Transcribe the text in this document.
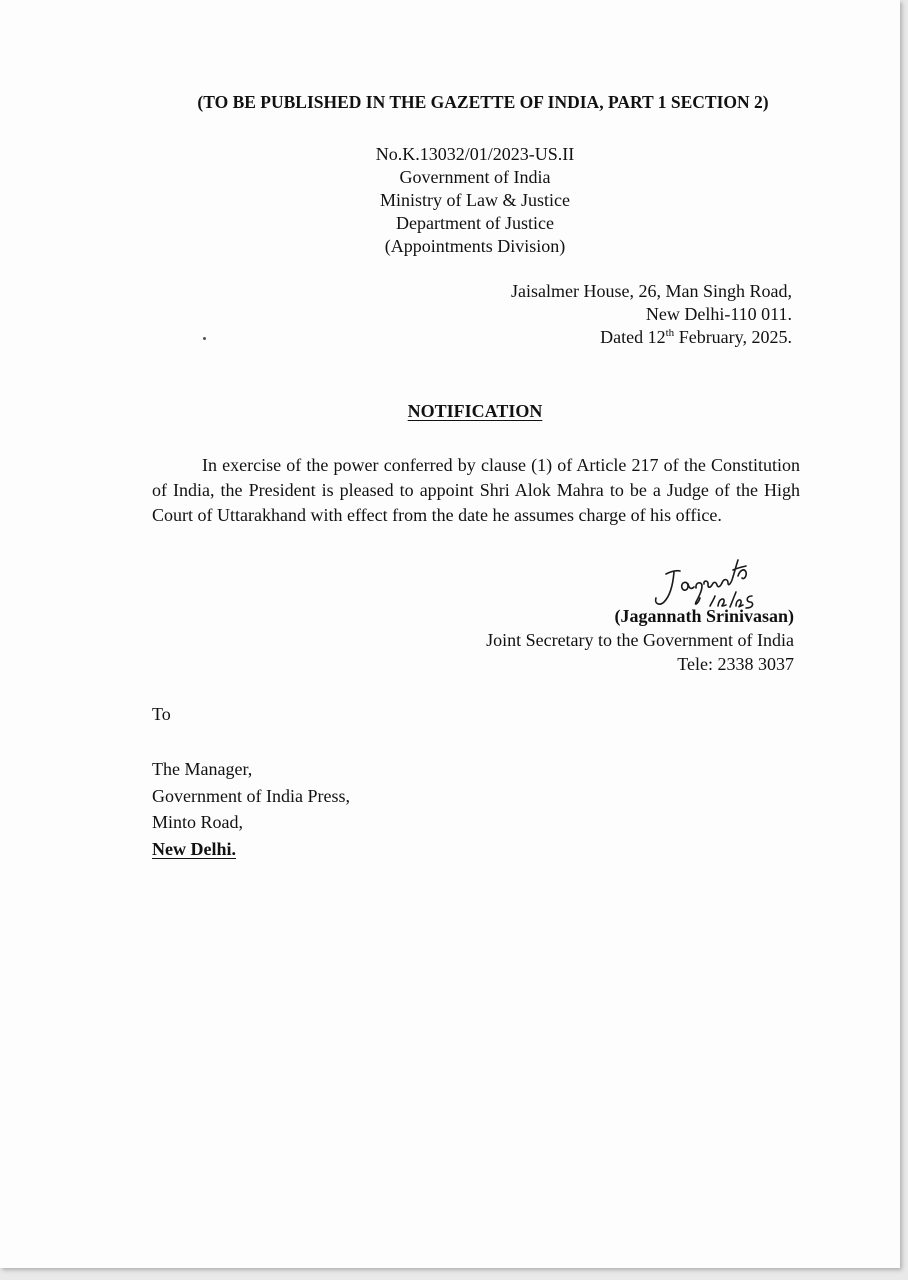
(TO BE PUBLISHED IN THE GAZETTE OF INDIA, PART 1 SECTION 2)
No.K.13032/01/2023-US.II
Government of India
Ministry of Law & Justice
Department of Justice
(Appointments Division)
Jaisalmer House, 26, Man Singh Road,
New Delhi-110 011.
Dated 12th February, 2025.
NOTIFICATION
In exercise of the power conferred by clause (1) of Article 217 of the Constitution of India, the President is pleased to appoint Shri Alok Mahra to be a Judge of the High Court of Uttarakhand with effect from the date he assumes charge of his office.
(Jagannath Srinivasan)
Joint Secretary to the Government of India
Tele: 2338 3037
To
The Manager,
Government of India Press,
Minto Road,
New Delhi.
